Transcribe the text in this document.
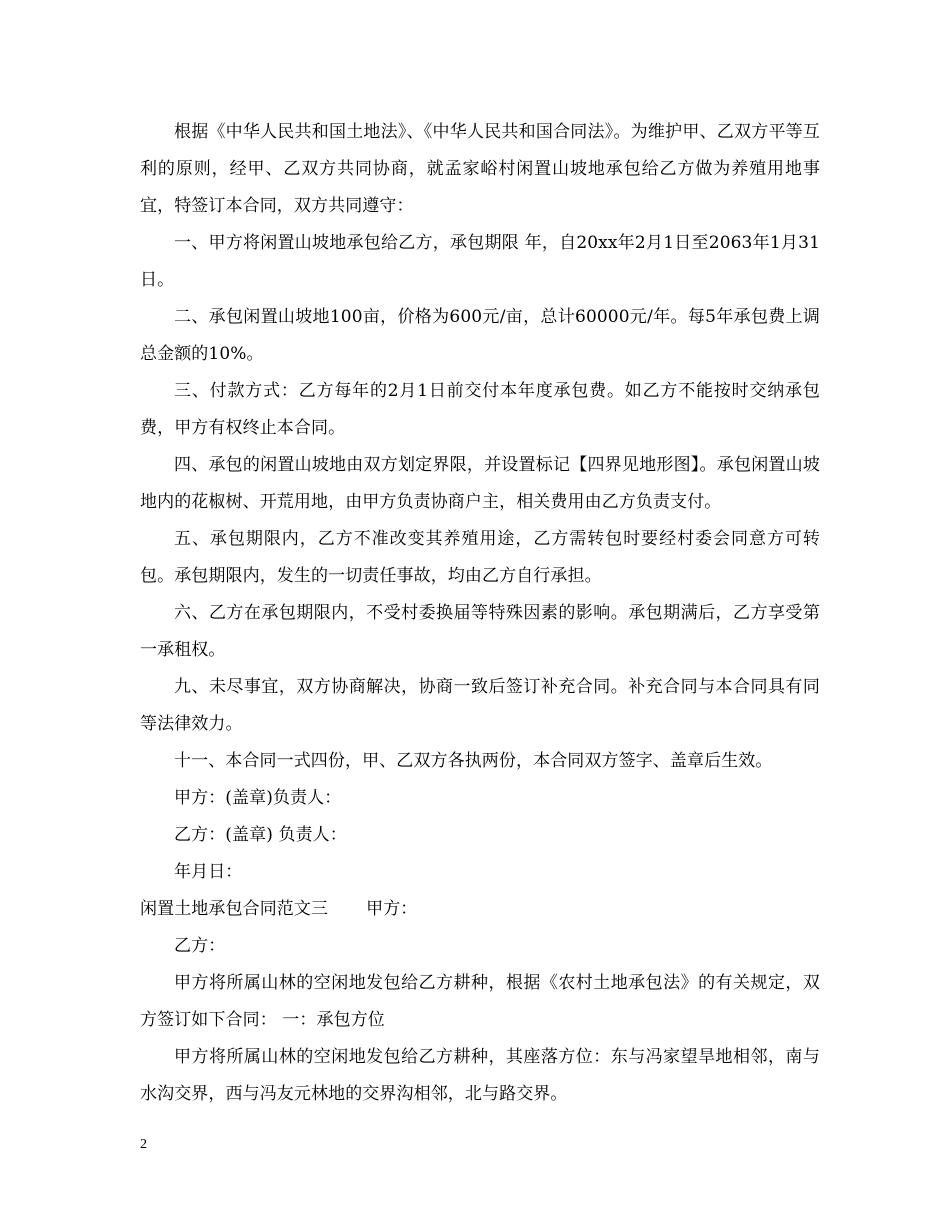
根据《中华人民共和国土地法》、《中华人民共和国合同法》。为维护甲、乙双方平等互利的原则，经甲、乙双方共同协商，就孟家峪村闲置山坡地承包给乙方做为养殖用地事宜，特签订本合同，双方共同遵守：

一、甲方将闲置山坡地承包给乙方，承包期限 年，自20xx年2月1日至2063年1月31日。

二、承包闲置山坡地100亩，价格为600元/亩，总计60000元/年。每5年承包费上调总金额的10%。

三、付款方式：乙方每年的2月1日前交付本年度承包费。如乙方不能按时交纳承包费，甲方有权终止本合同。

四、承包的闲置山坡地由双方划定界限，并设置标记【四界见地形图】。承包闲置山坡地内的花椒树、开荒用地，由甲方负责协商户主，相关费用由乙方负责支付。

五、承包期限内，乙方不准改变其养殖用途，乙方需转包时要经村委会同意方可转包。承包期限内，发生的一切责任事故，均由乙方自行承担。

六、乙方在承包期限内，不受村委换届等特殊因素的影响。承包期满后，乙方享受第一承租权。

九、未尽事宜，双方协商解决，协商一致后签订补充合同。补充合同与本合同具有同等法律效力。

十一、本合同一式四份，甲、乙双方各执两份，本合同双方签字、盖章后生效。

甲方：(盖章)负责人：

乙方：(盖章) 负责人：

年月日：

闲置土地承包合同范文三 甲方：

乙方：

甲方将所属山林的空闲地发包给乙方耕种，根据《农村土地承包法》的有关规定，双方签订如下合同： 一：承包方位

甲方将所属山林的空闲地发包给乙方耕种，其座落方位：东与冯家望旱地相邻，南与水沟交界，西与冯友元林地的交界沟相邻，北与路交界。

2
